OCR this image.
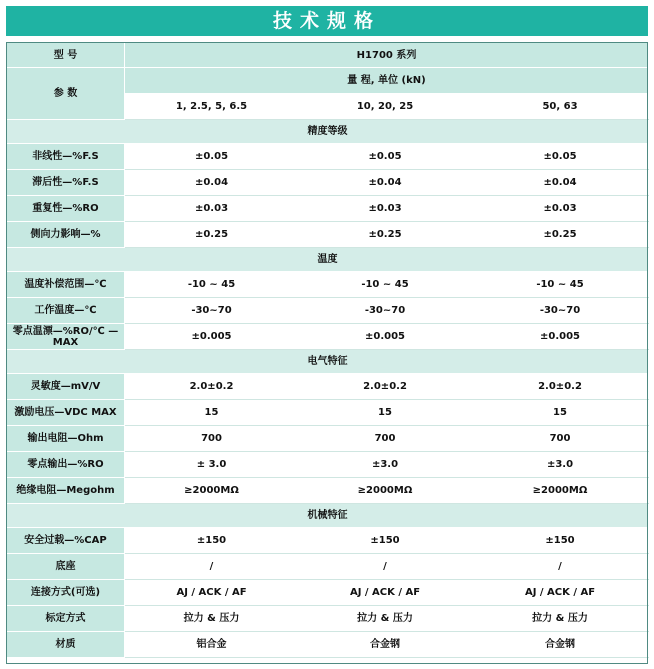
技术规格
型 号	H1700 系列		
参 数	量 程, 单位 (kN)		
	1, 2.5, 5, 6.5	10, 20, 25	50, 63
精度等级			
非线性—%F.S	±0.05	±0.05	±0.05
滞后性—%F.S	±0.04	±0.04	±0.04
重复性—%RO	±0.03	±0.03	±0.03
侧向力影响—%	±0.25	±0.25	±0.25
温度			
温度补偿范围—℃	-10 ~ 45	-10 ~ 45	-10 ~ 45
工作温度—℃	-30~70	-30~70	-30~70
零点温漂—%RO/℃ —MAX	±0.005	±0.005	±0.005
电气特征			
灵敏度—mV/V	2.0±0.2	2.0±0.2	2.0±0.2
激励电压—VDC MAX	15	15	15
输出电阻—Ohm	700	700	700
零点输出—%RO	± 3.0	±3.0	±3.0
绝缘电阻—Megohm	≥2000MΩ	≥2000MΩ	≥2000MΩ
机械特征			
安全过载—%CAP	±150	±150	±150
底座	/	/	/
连接方式(可选)	AJ / ACK / AF	AJ / ACK / AF	AJ / ACK / AF
标定方式	拉力 & 压力	拉力 & 压力	拉力 & 压力
材质	铝合金	合金钢	合金钢
